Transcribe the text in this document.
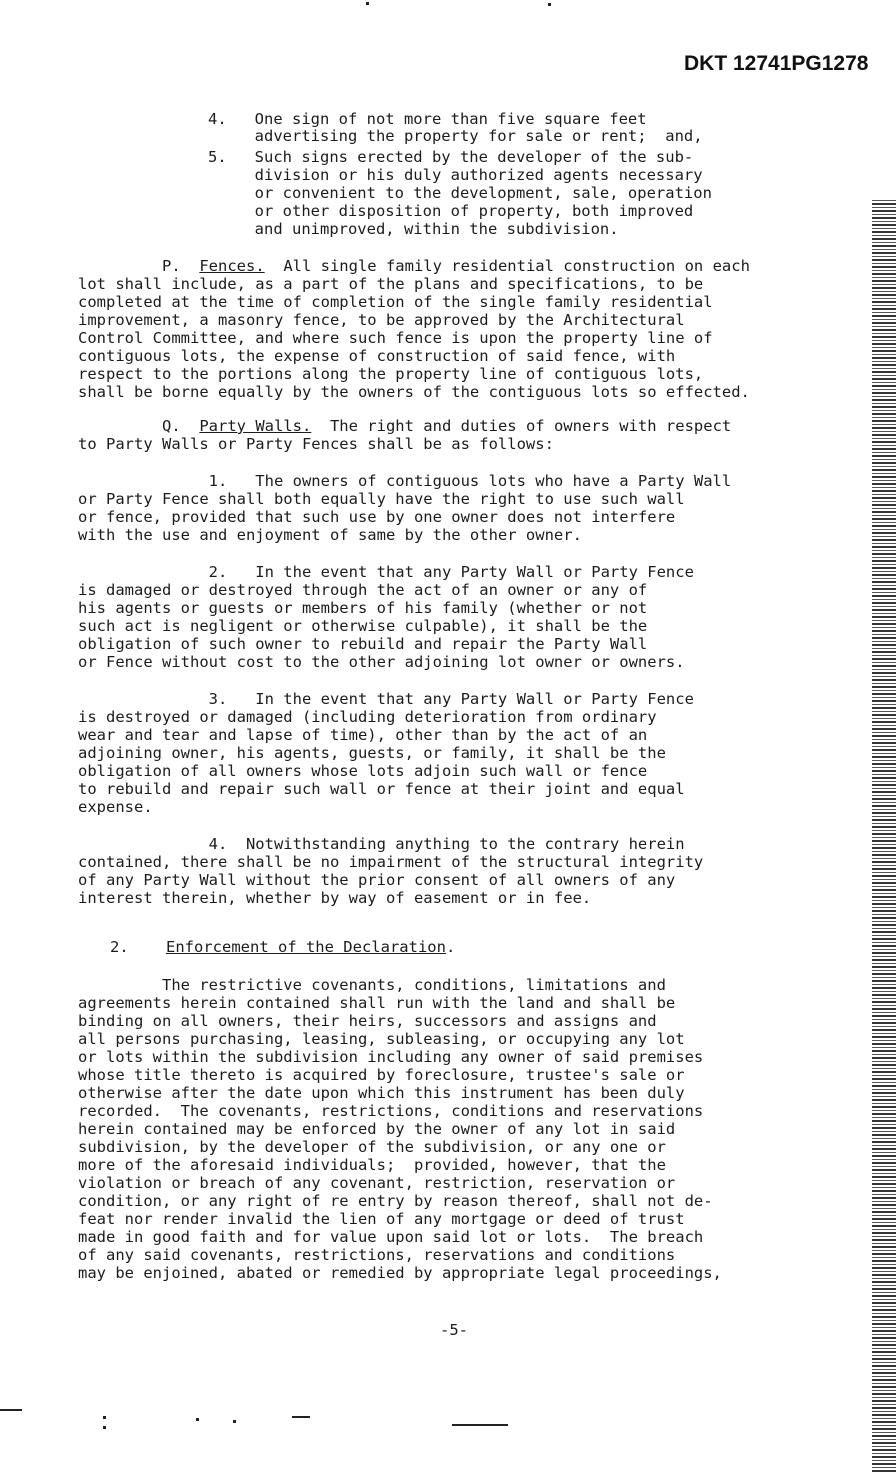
DKT 12741PG1278
4.   One sign of not more than five square feet
advertising the property for sale or rent;  and,
5.   Such signs erected by the developer of the sub-
division or his duly authorized agents necessary
or convenient to the development, sale, operation
or other disposition of property, both improved
and unimproved, within the subdivision.
P.  Fences.  All single family residential construction on each
lot shall include, as a part of the plans and specifications, to be
completed at the time of completion of the single family residential
improvement, a masonry fence, to be approved by the Architectural
Control Committee, and where such fence is upon the property line of
contiguous lots, the expense of construction of said fence, with
respect to the portions along the property line of contiguous lots,
shall be borne equally by the owners of the contiguous lots so effected.
Q.  Party Walls.  The right and duties of owners with respect
to Party Walls or Party Fences shall be as follows:
1.   The owners of contiguous lots who have a Party Wall
or Party Fence shall both equally have the right to use such wall
or fence, provided that such use by one owner does not interfere
with the use and enjoyment of same by the other owner.
2.   In the event that any Party Wall or Party Fence
is damaged or destroyed through the act of an owner or any of
his agents or guests or members of his family (whether or not
such act is negligent or otherwise culpable), it shall be the
obligation of such owner to rebuild and repair the Party Wall
or Fence without cost to the other adjoining lot owner or owners.
3.   In the event that any Party Wall or Party Fence
is destroyed or damaged (including deterioration from ordinary
wear and tear and lapse of time), other than by the act of an
adjoining owner, his agents, guests, or family, it shall be the
obligation of all owners whose lots adjoin such wall or fence
to rebuild and repair such wall or fence at their joint and equal
expense.
4.  Notwithstanding anything to the contrary herein
contained, there shall be no impairment of the structural integrity
of any Party Wall without the prior consent of all owners of any
interest therein, whether by way of easement or in fee.
2.    Enforcement of the Declaration.
The restrictive covenants, conditions, limitations and
agreements herein contained shall run with the land and shall be
binding on all owners, their heirs, successors and assigns and
all persons purchasing, leasing, subleasing, or occupying any lot
or lots within the subdivision including any owner of said premises
whose title thereto is acquired by foreclosure, trustee's sale or
otherwise after the date upon which this instrument has been duly
recorded.  The covenants, restrictions, conditions and reservations
herein contained may be enforced by the owner of any lot in said
subdivision, by the developer of the subdivision, or any one or
more of the aforesaid individuals;  provided, however, that the
violation or breach of any covenant, restriction, reservation or
condition, or any right of re entry by reason thereof, shall not de-
feat nor render invalid the lien of any mortgage or deed of trust
made in good faith and for value upon said lot or lots.  The breach
of any said covenants, restrictions, reservations and conditions
may be enjoined, abated or remedied by appropriate legal proceedings,
-5-
